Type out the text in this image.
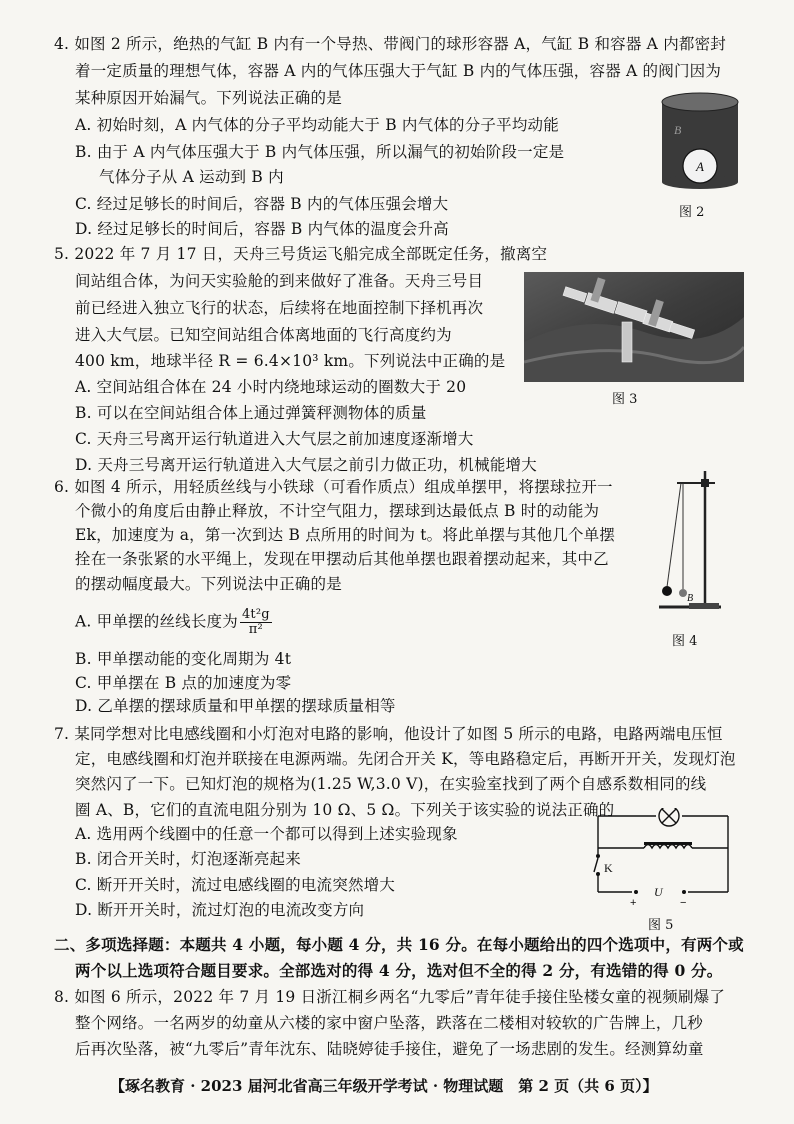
4. 如图 2 所示，绝热的气缸 B 内有一个导热、带阀门的球形容器 A，气缸 B 和容器 A 内都密封
着一定质量的理想气体，容器 A 内的气体压强大于气缸 B 内的气体压强，容器 A 的阀门因为
某种原因开始漏气。下列说法正确的是
A. 初始时刻，A 内气体的分子平均动能大于 B 内气体的分子平均动能
B. 由于 A 内气体压强大于 B 内气体压强，所以漏气的初始阶段一定是
气体分子从 A 运动到 B 内
C. 经过足够长的时间后，容器 B 内的气体压强会增大
D. 经过足够长的时间后，容器 B 内气体的温度会升高
A
B
图 2
5. 2022 年 7 月 17 日，天舟三号货运飞船完成全部既定任务，撤离空
间站组合体，为问天实验舱的到来做好了准备。天舟三号目
前已经进入独立飞行的状态，后续将在地面控制下择机再次
进入大气层。已知空间站组合体离地面的飞行高度约为
400 km，地球半径 R = 6.4×10³ km。下列说法中正确的是
A. 空间站组合体在 24 小时内绕地球运动的圈数大于 20
B. 可以在空间站组合体上通过弹簧秤测物体的质量
C. 天舟三号离开运行轨道进入大气层之前加速度逐渐增大
D. 天舟三号离开运行轨道进入大气层之前引力做正功，机械能增大
图 3
6. 如图 4 所示，用轻质丝线与小铁球（可看作质点）组成单摆甲，将摆球拉开一
个微小的角度后由静止释放，不计空气阻力，摆球到达最低点 B 时的动能为
Ek，加速度为 a，第一次到达 B 点所用的时间为 t。将此单摆与其他几个单摆
拴在一条张紧的水平绳上，发现在甲摆动后其他单摆也跟着摆动起来，其中乙
的摆动幅度最大。下列说法中正确的是
A. 甲单摆的丝线长度为 $\frac{\text{4t²g}}{\text{π²}}$
B. 甲单摆动能的变化周期为 4t
C. 甲单摆在 B 点的加速度为零
D. 乙单摆的摆球质量和甲单摆的摆球质量相等
B
图 4
7. 某同学想对比电感线圈和小灯泡对电路的影响，他设计了如图 5 所示的电路，电路两端电压恒
定，电感线圈和灯泡并联接在电源两端。先闭合开关 K，等电路稳定后，再断开开关，发现灯泡
突然闪了一下。已知灯泡的规格为(1.25 W,3.0 V)，在实验室找到了两个自感系数相同的线
圈 A、B，它们的直流电阻分别为 10 Ω、5 Ω。下列关于该实验的说法正确的
A. 选用两个线圈中的任意一个都可以得到上述实验现象
B. 闭合开关时，灯泡逐渐亮起来
C. 断开开关时，流过电感线圈的电流突然增大
D. 断开开关时，流过灯泡的电流改变方向
K
+
U
−
图 5
二、多项选择题：本题共 4 小题，每小题 4 分，共 16 分。在每小题给出的四个选项中，有两个或
两个以上选项符合题目要求。全部选对的得 4 分，选对但不全的得 2 分，有选错的得 0 分。
8. 如图 6 所示，2022 年 7 月 19 日浙江桐乡两名“九零后”青年徒手接住坠楼女童的视频刷爆了
整个网络。一名两岁的幼童从六楼的家中窗户坠落，跌落在二楼相对较软的广告牌上，几秒
后再次坠落，被“九零后”青年沈东、陆晓婷徒手接住，避免了一场悲剧的发生。经测算幼童
【琢名教育 · 2023 届河北省高三年级开学考试 · 物理试题　第 2 页（共 6 页）】
